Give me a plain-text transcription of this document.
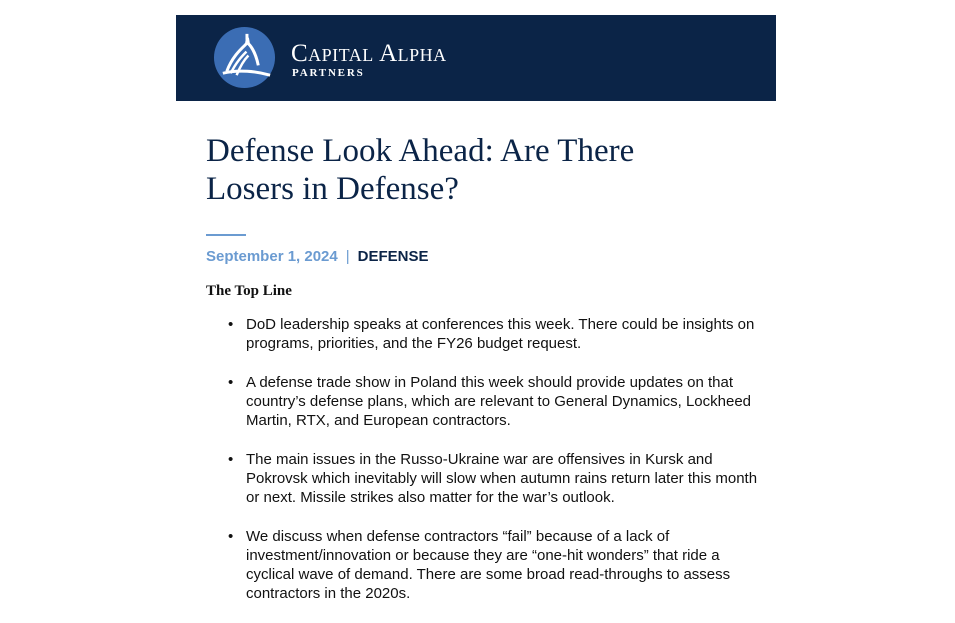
Capital Alpha
PARTNERS
Defense Look Ahead: Are There Losers in Defense?
September 1, 2024 | DEFENSE
The Top Line
• DoD leadership speaks at conferences this week. There could be insights on programs, priorities, and the FY26 budget request.
• A defense trade show in Poland this week should provide updates on that country’s defense plans, which are relevant to General Dynamics, Lockheed Martin, RTX, and European contractors.
• The main issues in the Russo-Ukraine war are offensives in Kursk and Pokrovsk which inevitably will slow when autumn rains return later this month or next. Missile strikes also matter for the war’s outlook.
• We discuss when defense contractors “fail” because of a lack of investment/innovation or because they are “one-hit wonders” that ride a cyclical wave of demand. There are some broad read-throughs to assess contractors in the 2020s.
